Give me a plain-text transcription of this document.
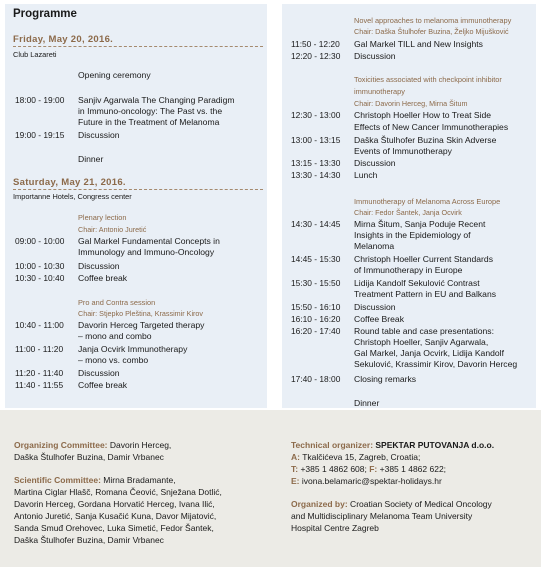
Programme
Friday, May 20, 2016.
Club Lazareti
Opening ceremony
18:00 - 19:00 Sanjiv Agarwala The Changing Paradigm
in Immuno-oncology: The Past vs. the
Future in the Treatment of Melanoma
19:00 - 19:15 Discussion
Dinner
Saturday, May 21, 2016.
Importanne Hotels, Congress center
Plenary lection
Chair: Antonio Juretić
09:00 - 10:00 Gal Markel Fundamental Concepts in
Immunology and Immuno-Oncology
10:00 - 10:30 Discussion
10:30 - 10:40 Coffee break
Pro and Contra session
Chair: Stjepko Pleština, Krassimir Kirov
10:40 - 11:00 Davorin Herceg Targeted therapy
– mono and combo
11:00 - 11:20 Janja Ocvirk Immunotherapy
– mono vs. combo
11:20 - 11:40 Discussion
11:40 - 11:55 Coffee break
Novel approaches to melanoma immunotherapy
Chair: Daška Štulhofer Buzina, Željko Mijušković
11:50 - 12:20 Gal Markel TILL and New Insights
12:20 - 12:30 Discussion
Toxicities associated with checkpoint inhibitor
immunotherapy
Chair: Davorin Herceg, Mirna Šitum
12:30 - 13:00 Christoph Hoeller How to Treat Side
Effects of New Cancer Immunotherapies
13:00 - 13:15 Daška Štulhofer Buzina Skin Adverse
Events of Immunotherapy
13:15 - 13:30 Discussion
13:30 - 14:30 Lunch
Immunotherapy of Melanoma Across Europe
Chair: Fedor Šantek, Janja Ocvirk
14:30 - 14:45 Mirna Šitum, Sanja Poduje Recent
Insights in the Epidemiology of
Melanoma
14:45 - 15:30 Christoph Hoeller Current Standards
of Immunotherapy in Europe
15:30 - 15:50 Lidija Kandolf Sekulović Contrast
Treatment Pattern in EU and Balkans
15:50 - 16:10 Discussion
16:10 - 16:20 Coffee Break
16:20 - 17:40 Round table and case presentations:
Christoph Hoeller, Sanjiv Agarwala,
Gal Markel, Janja Ocvirk, Lidija Kandolf
Sekulović, Krassimir Kirov, Davorin Herceg
17:40 - 18:00 Closing remarks
Dinner
Organizing Committee: Davorin Herceg,
Daška Štulhofer Buzina, Damir Vrbanec
Scientific Committee: Mirna Bradamante,
Martina Ciglar Hlašč, Romana Čeović, Snježana Dotlić,
Davorin Herceg, Gordana Horvatić Herceg, Ivana Ilić,
Antonio Juretić, Sanja Kusačić Kuna, Davor Mijatović,
Sanda Smuđ Orehovec, Luka Simetić, Fedor Šantek,
Daška Štulhofer Buzina, Damir Vrbanec
Technical organizer: SPEKTAR PUTOVANJA d.o.o.
A: Tkalčićeva 15, Zagreb, Croatia;
T: +385 1 4862 608; F: +385 1 4862 622;
E: ivona.belamaric@spektar-holidays.hr
Organized by: Croatian Society of Medical Oncology
and Multidisciplinary Melanoma Team University
Hospital Centre Zagreb
